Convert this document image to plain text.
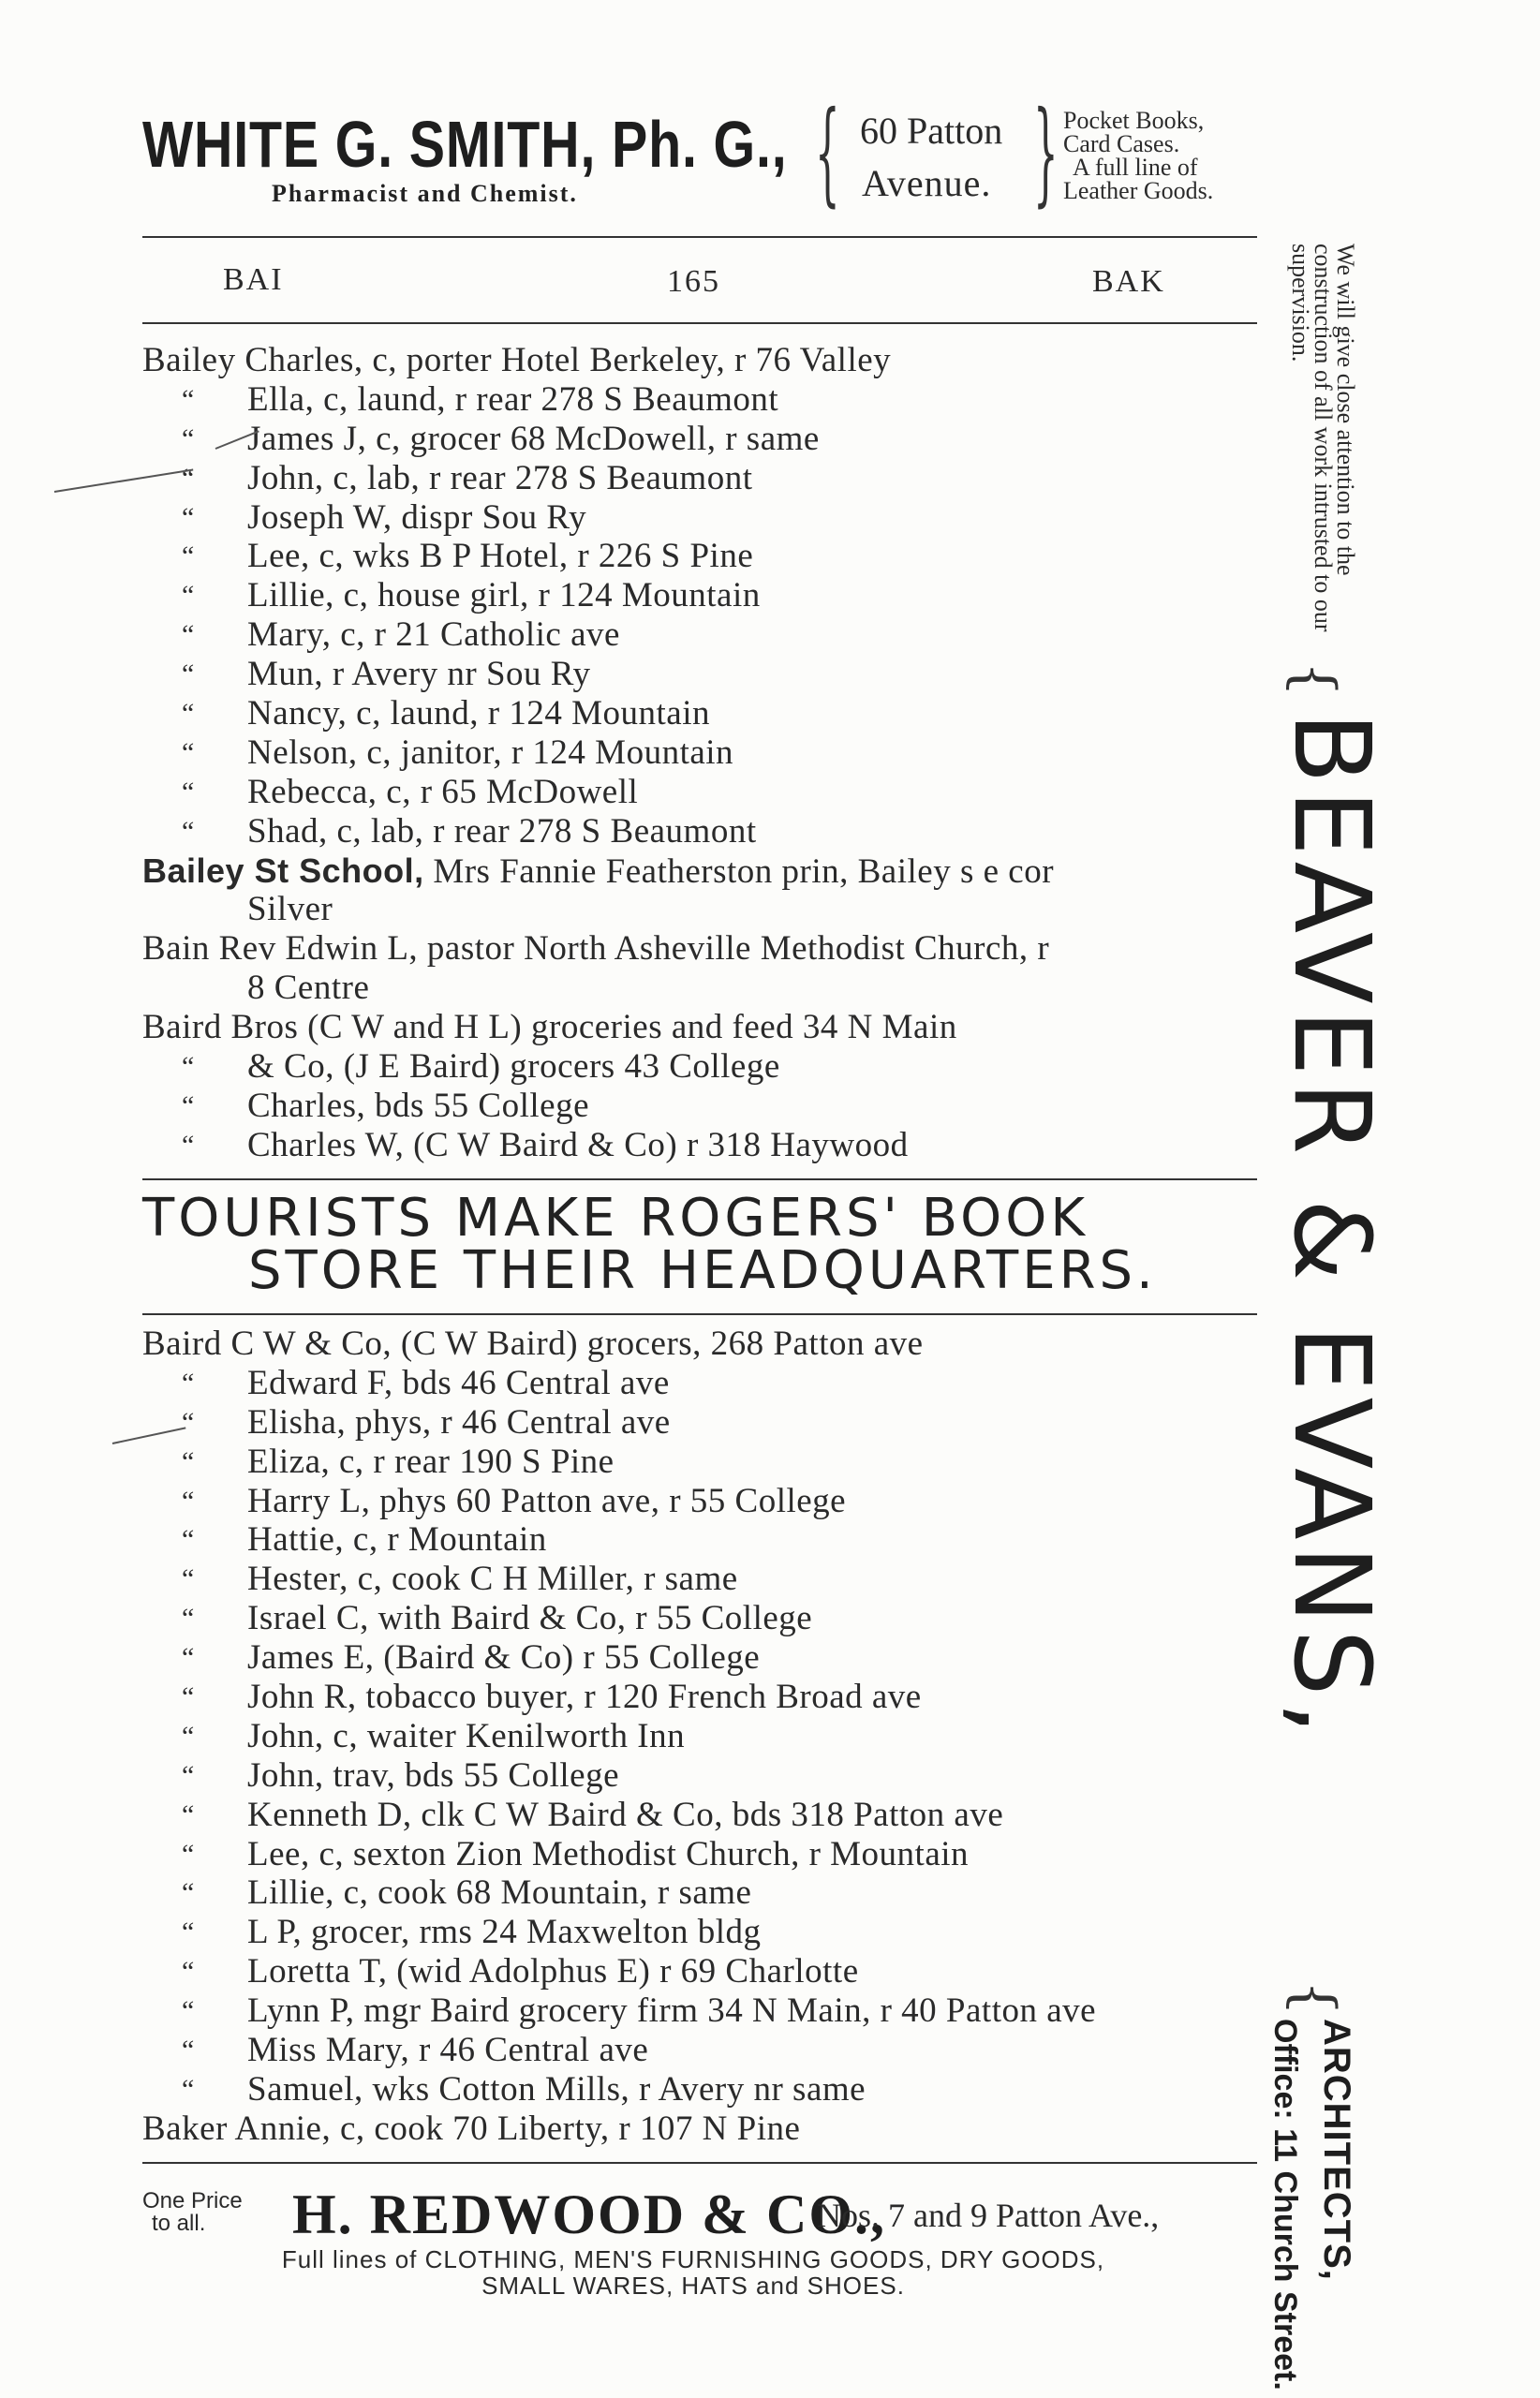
WHITE G. SMITH, Ph. G.,
Pharmacist and Chemist. { 60 Patton
Avenue. } Pocket Books,
Card Cases.
A full line of
Leather Goods.
BAI	165	BAK
Bailey Charles, c, porter Hotel Berkeley, r 76 Valley
“ Ella, c, laund, r rear 278 S Beaumont
“ James J, c, grocer 68 McDowell, r same
“ John, c, lab, r rear 278 S Beaumont
“ Joseph W, dispr Sou Ry
“ Lee, c, wks B P Hotel, r 226 S Pine
“ Lillie, c, house girl, r 124 Mountain
“ Mary, c, r 21 Catholic ave
“ Mun, r Avery nr Sou Ry
“ Nancy, c, laund, r 124 Mountain
“ Nelson, c, janitor, r 124 Mountain
“ Rebecca, c, r 65 McDowell
“ Shad, c, lab, r rear 278 S Beaumont
Bailey St School, Mrs Fannie Featherston prin, Bailey s e cor
Silver
Bain Rev Edwin L, pastor North Asheville Methodist Church, r
8 Centre
Baird Bros (C W and H L) groceries and feed 34 N Main
“ & Co, (J E Baird) grocers 43 College
“ Charles, bds 55 College
“ Charles W, (C W Baird & Co) r 318 Haywood
TOURISTS MAKE ROGERS' BOOK
STORE THEIR HEADQUARTERS.
Baird C W & Co, (C W Baird) grocers, 268 Patton ave
“ Edward F, bds 46 Central ave
“ Elisha, phys, r 46 Central ave
“ Eliza, c, r rear 190 S Pine
“ Harry L, phys 60 Patton ave, r 55 College
“ Hattie, c, r Mountain
“ Hester, c, cook C H Miller, r same
“ Israel C, with Baird & Co, r 55 College
“ James E, (Baird & Co) r 55 College
“ John R, tobacco buyer, r 120 French Broad ave
“ John, c, waiter Kenilworth Inn
“ John, trav, bds 55 College
“ Kenneth D, clk C W Baird & Co, bds 318 Patton ave
“ Lee, c, sexton Zion Methodist Church, r Mountain
“ Lillie, c, cook 68 Mountain, r same
“ L P, grocer, rms 24 Maxwelton bldg
“ Loretta T, (wid Adolphus E) r 69 Charlotte
“ Lynn P, mgr Baird grocery firm 34 N Main, r 40 Patton ave
“ Miss Mary, r 46 Central ave
“ Samuel, wks Cotton Mills, r Avery nr same
Baker Annie, c, cook 70 Liberty, r 107 N Pine
One Price
to all.	H. REDWOOD & CO.,
Nos. 7 and 9 Patton Ave.,
Full lines of CLOTHING, MEN'S FURNISHING GOODS, DRY GOODS,
SMALL WARES, HATS and SHOES.
We will give close attention to the construction of all work intrusted to our supervision.
{
BEAVER & EVANS,
{
ARCHITECTS,
Office: 11 Church Street.
